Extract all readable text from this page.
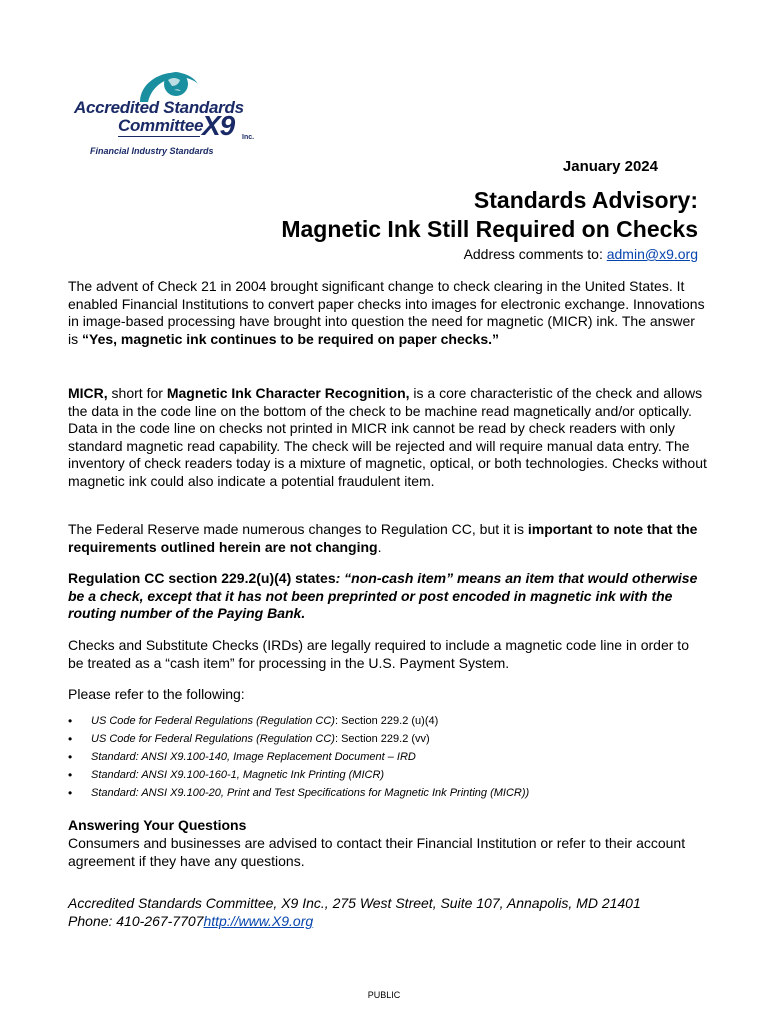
Accredited Standards
Committee
X9 Inc.
Financial Industry Standards
January 2024
Standards Advisory:
Magnetic Ink Still Required on Checks
Address comments to: admin@x9.org
The advent of Check 21 in 2004 brought significant change to check clearing in the United States. It enabled Financial Institutions to convert paper checks into images for electronic exchange. Innovations in image-based processing have brought into question the need for magnetic (MICR) ink. The answer is “Yes, magnetic ink continues to be required on paper checks.”
MICR, short for Magnetic Ink Character Recognition, is a core characteristic of the check and allows the data in the code line on the bottom of the check to be machine read magnetically and/or optically. Data in the code line on checks not printed in MICR ink cannot be read by check readers with only standard magnetic read capability. The check will be rejected and will require manual data entry. The inventory of check readers today is a mixture of magnetic, optical, or both technologies. Checks without magnetic ink could also indicate a potential fraudulent item.
The Federal Reserve made numerous changes to Regulation CC, but it is important to note that the requirements outlined herein are not changing.
Regulation CC section 229.2(u)(4) states: “non-cash item” means an item that would otherwise be a check, except that it has not been preprinted or post encoded in magnetic ink with the routing number of the Paying Bank.
Checks and Substitute Checks (IRDs) are legally required to include a magnetic code line in order to be treated as a “cash item” for processing in the U.S. Payment System.
Please refer to the following:
• US Code for Federal Regulations (Regulation CC): Section 229.2 (u)(4)
• US Code for Federal Regulations (Regulation CC): Section 229.2 (vv)
• Standard: ANSI X9.100-140, Image Replacement Document – IRD
• Standard: ANSI X9.100-160-1, Magnetic Ink Printing (MICR)
• Standard: ANSI X9.100-20, Print and Test Specifications for Magnetic Ink Printing (MICR))
Answering Your Questions
Consumers and businesses are advised to contact their Financial Institution or refer to their account agreement if they have any questions.
Accredited Standards Committee, X9 Inc., 275 West Street, Suite 107, Annapolis, MD 21401
Phone: 410-267-7707http://www.X9.org
PUBLIC
